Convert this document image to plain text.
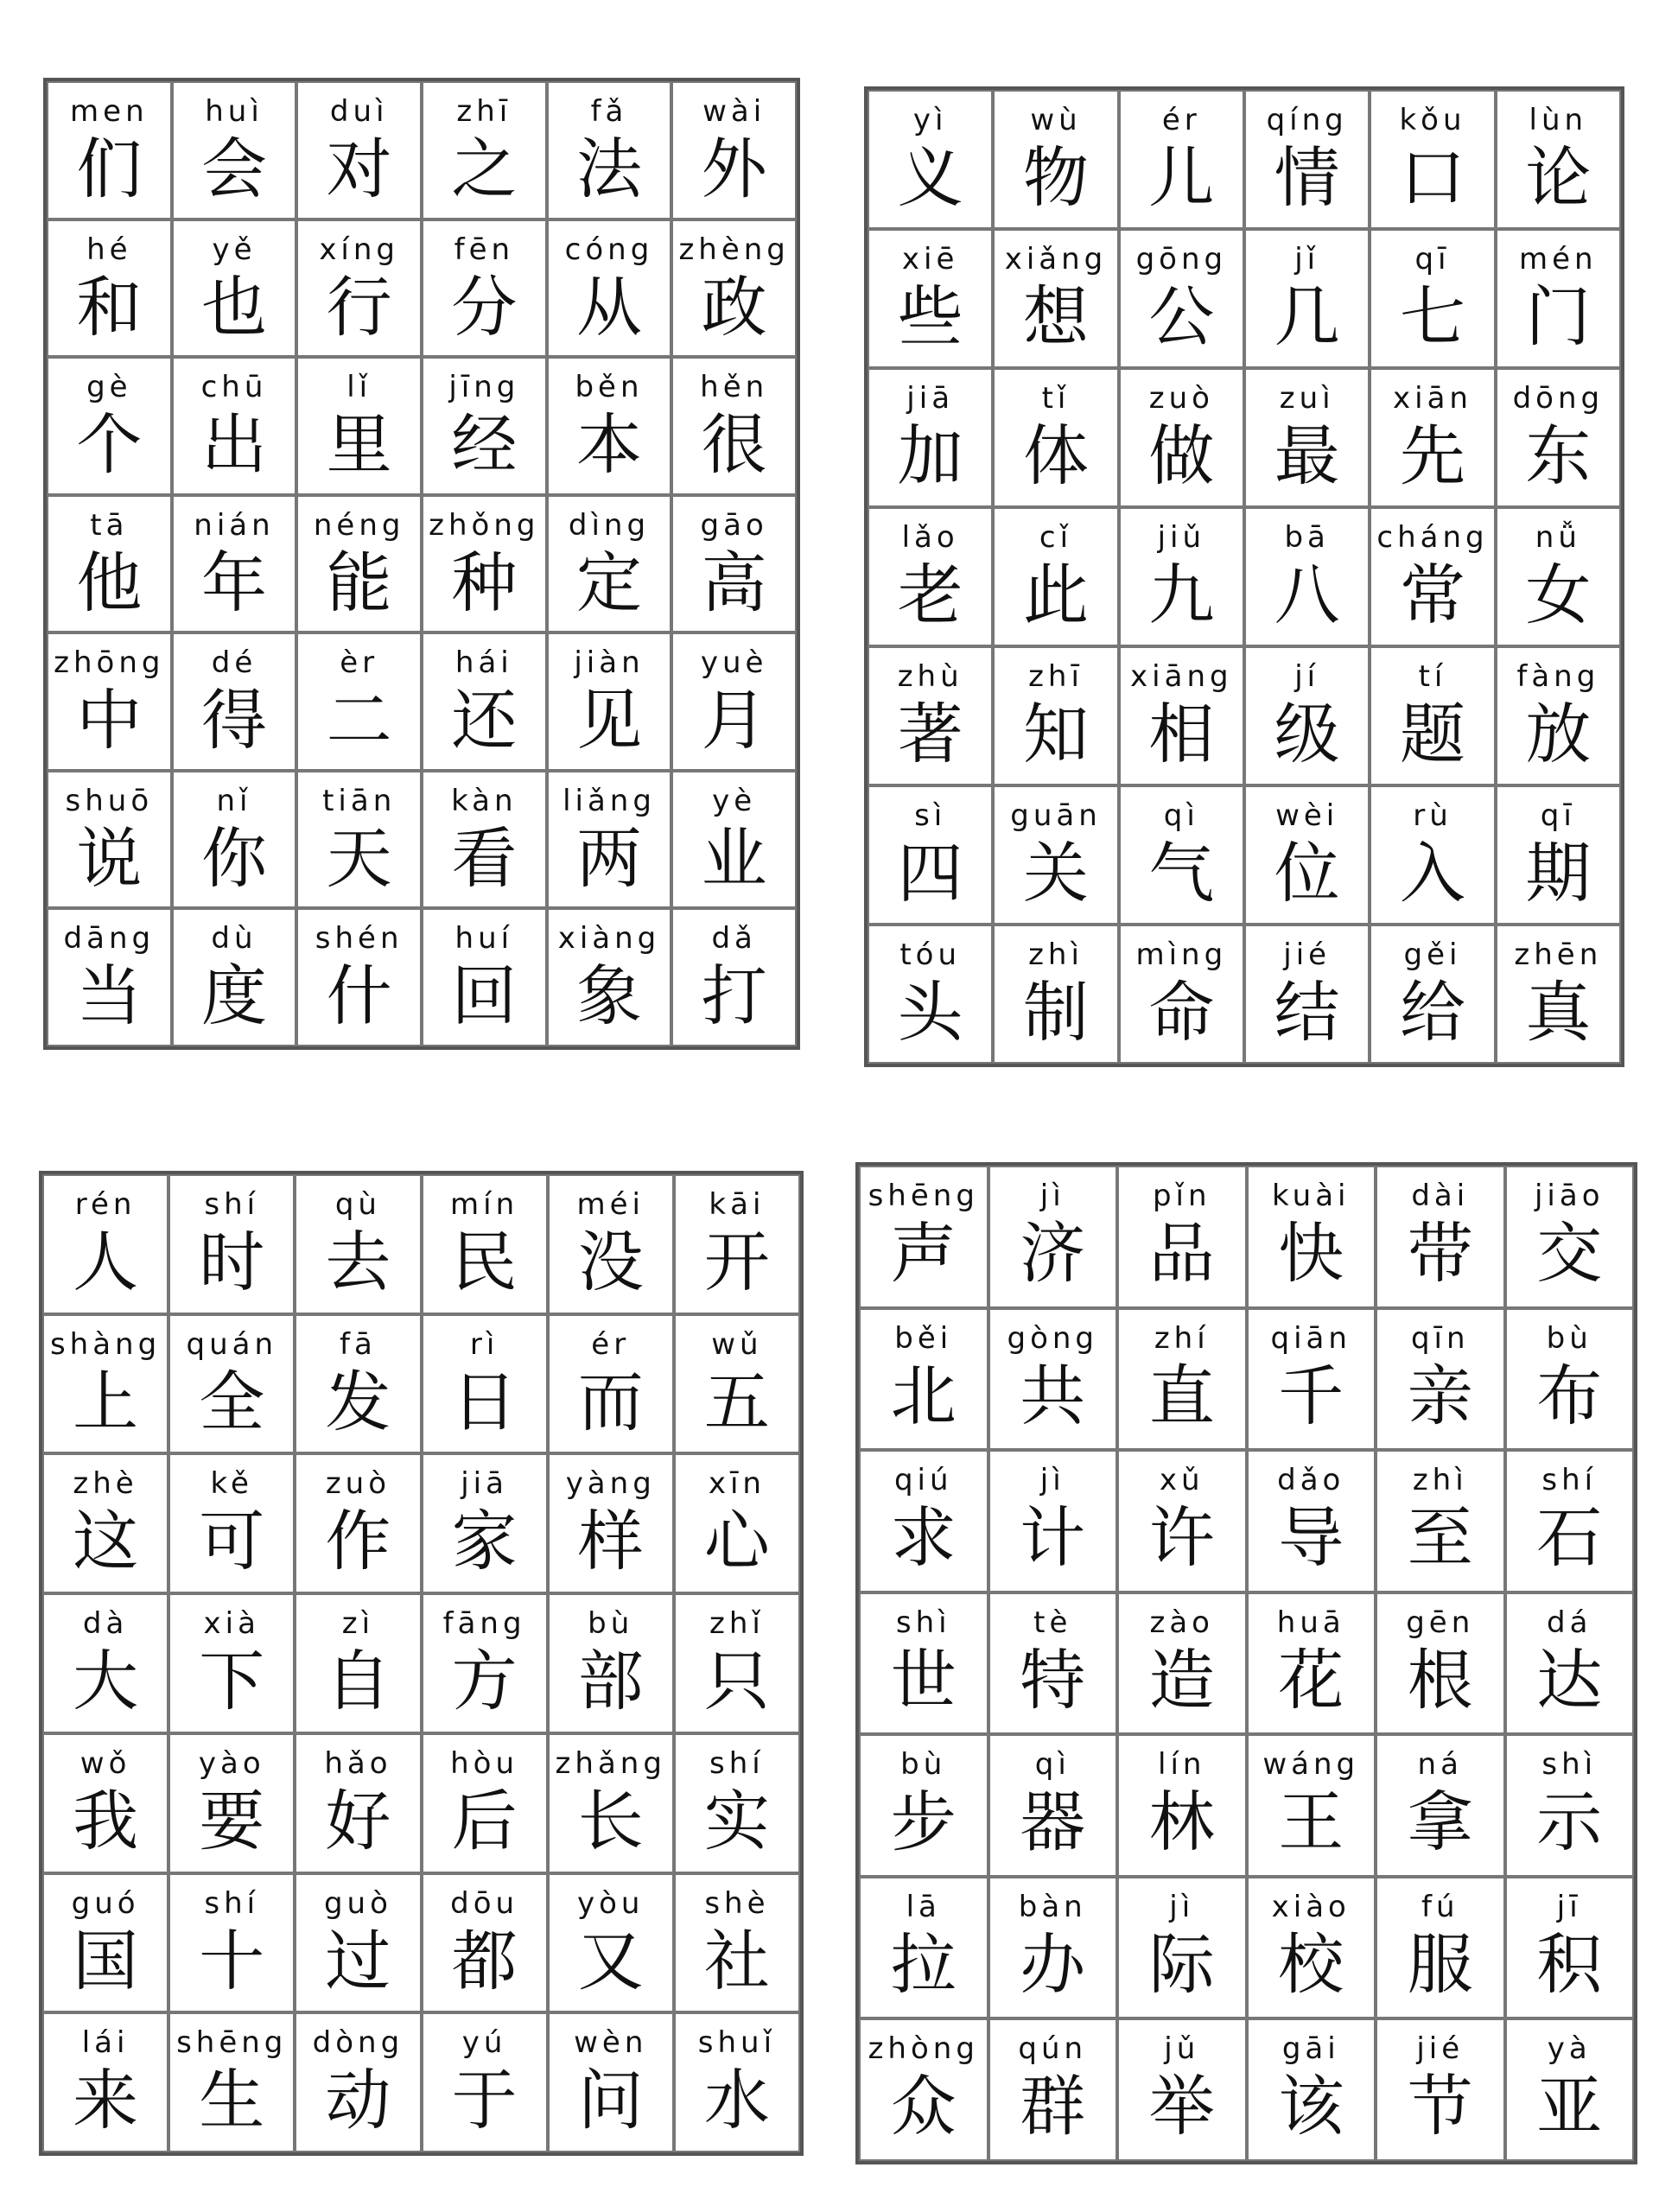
men
们
huì
会
duì
对
zhī
之
fǎ
法
wài
外
hé
和
yě
也
xíng
行
fēn
分
cóng
从
zhèng
政
gè
个
chū
出
lǐ
里
jīng
经
běn
本
hěn
很
tā
他
nián
年
néng
能
zhǒng
种
dìng
定
gāo
高
zhōng
中
dé
得
èr
二
hái
还
jiàn
见
yuè
月
shuō
说
nǐ
你
tiān
天
kàn
看
liǎng
两
yè
业
dāng
当
dù
度
shén
什
huí
回
xiàng
象
dǎ
打
yì
义
wù
物
ér
儿
qíng
情
kǒu
口
lùn
论
xiē
些
xiǎng
想
gōng
公
jǐ
几
qī
七
mén
门
jiā
加
tǐ
体
zuò
做
zuì
最
xiān
先
dōng
东
lǎo
老
cǐ
此
jiǔ
九
bā
八
cháng
常
nǚ
女
zhù
著
zhī
知
xiāng
相
jí
级
tí
题
fàng
放
sì
四
guān
关
qì
气
wèi
位
rù
入
qī
期
tóu
头
zhì
制
mìng
命
jié
结
gěi
给
zhēn
真
rén
人
shí
时
qù
去
mín
民
méi
没
kāi
开
shàng
上
quán
全
fā
发
rì
日
ér
而
wǔ
五
zhè
这
kě
可
zuò
作
jiā
家
yàng
样
xīn
心
dà
大
xià
下
zì
自
fāng
方
bù
部
zhǐ
只
wǒ
我
yào
要
hǎo
好
hòu
后
zhǎng
长
shí
实
guó
国
shí
十
guò
过
dōu
都
yòu
又
shè
社
lái
来
shēng
生
dòng
动
yú
于
wèn
问
shuǐ
水
shēng
声
jì
济
pǐn
品
kuài
快
dài
带
jiāo
交
běi
北
gòng
共
zhí
直
qiān
千
qīn
亲
bù
布
qiú
求
jì
计
xǔ
许
dǎo
导
zhì
至
shí
石
shì
世
tè
特
zào
造
huā
花
gēn
根
dá
达
bù
步
qì
器
lín
林
wáng
王
ná
拿
shì
示
lā
拉
bàn
办
jì
际
xiào
校
fú
服
jī
积
zhòng
众
qún
群
jǔ
举
gāi
该
jié
节
yà
亚
